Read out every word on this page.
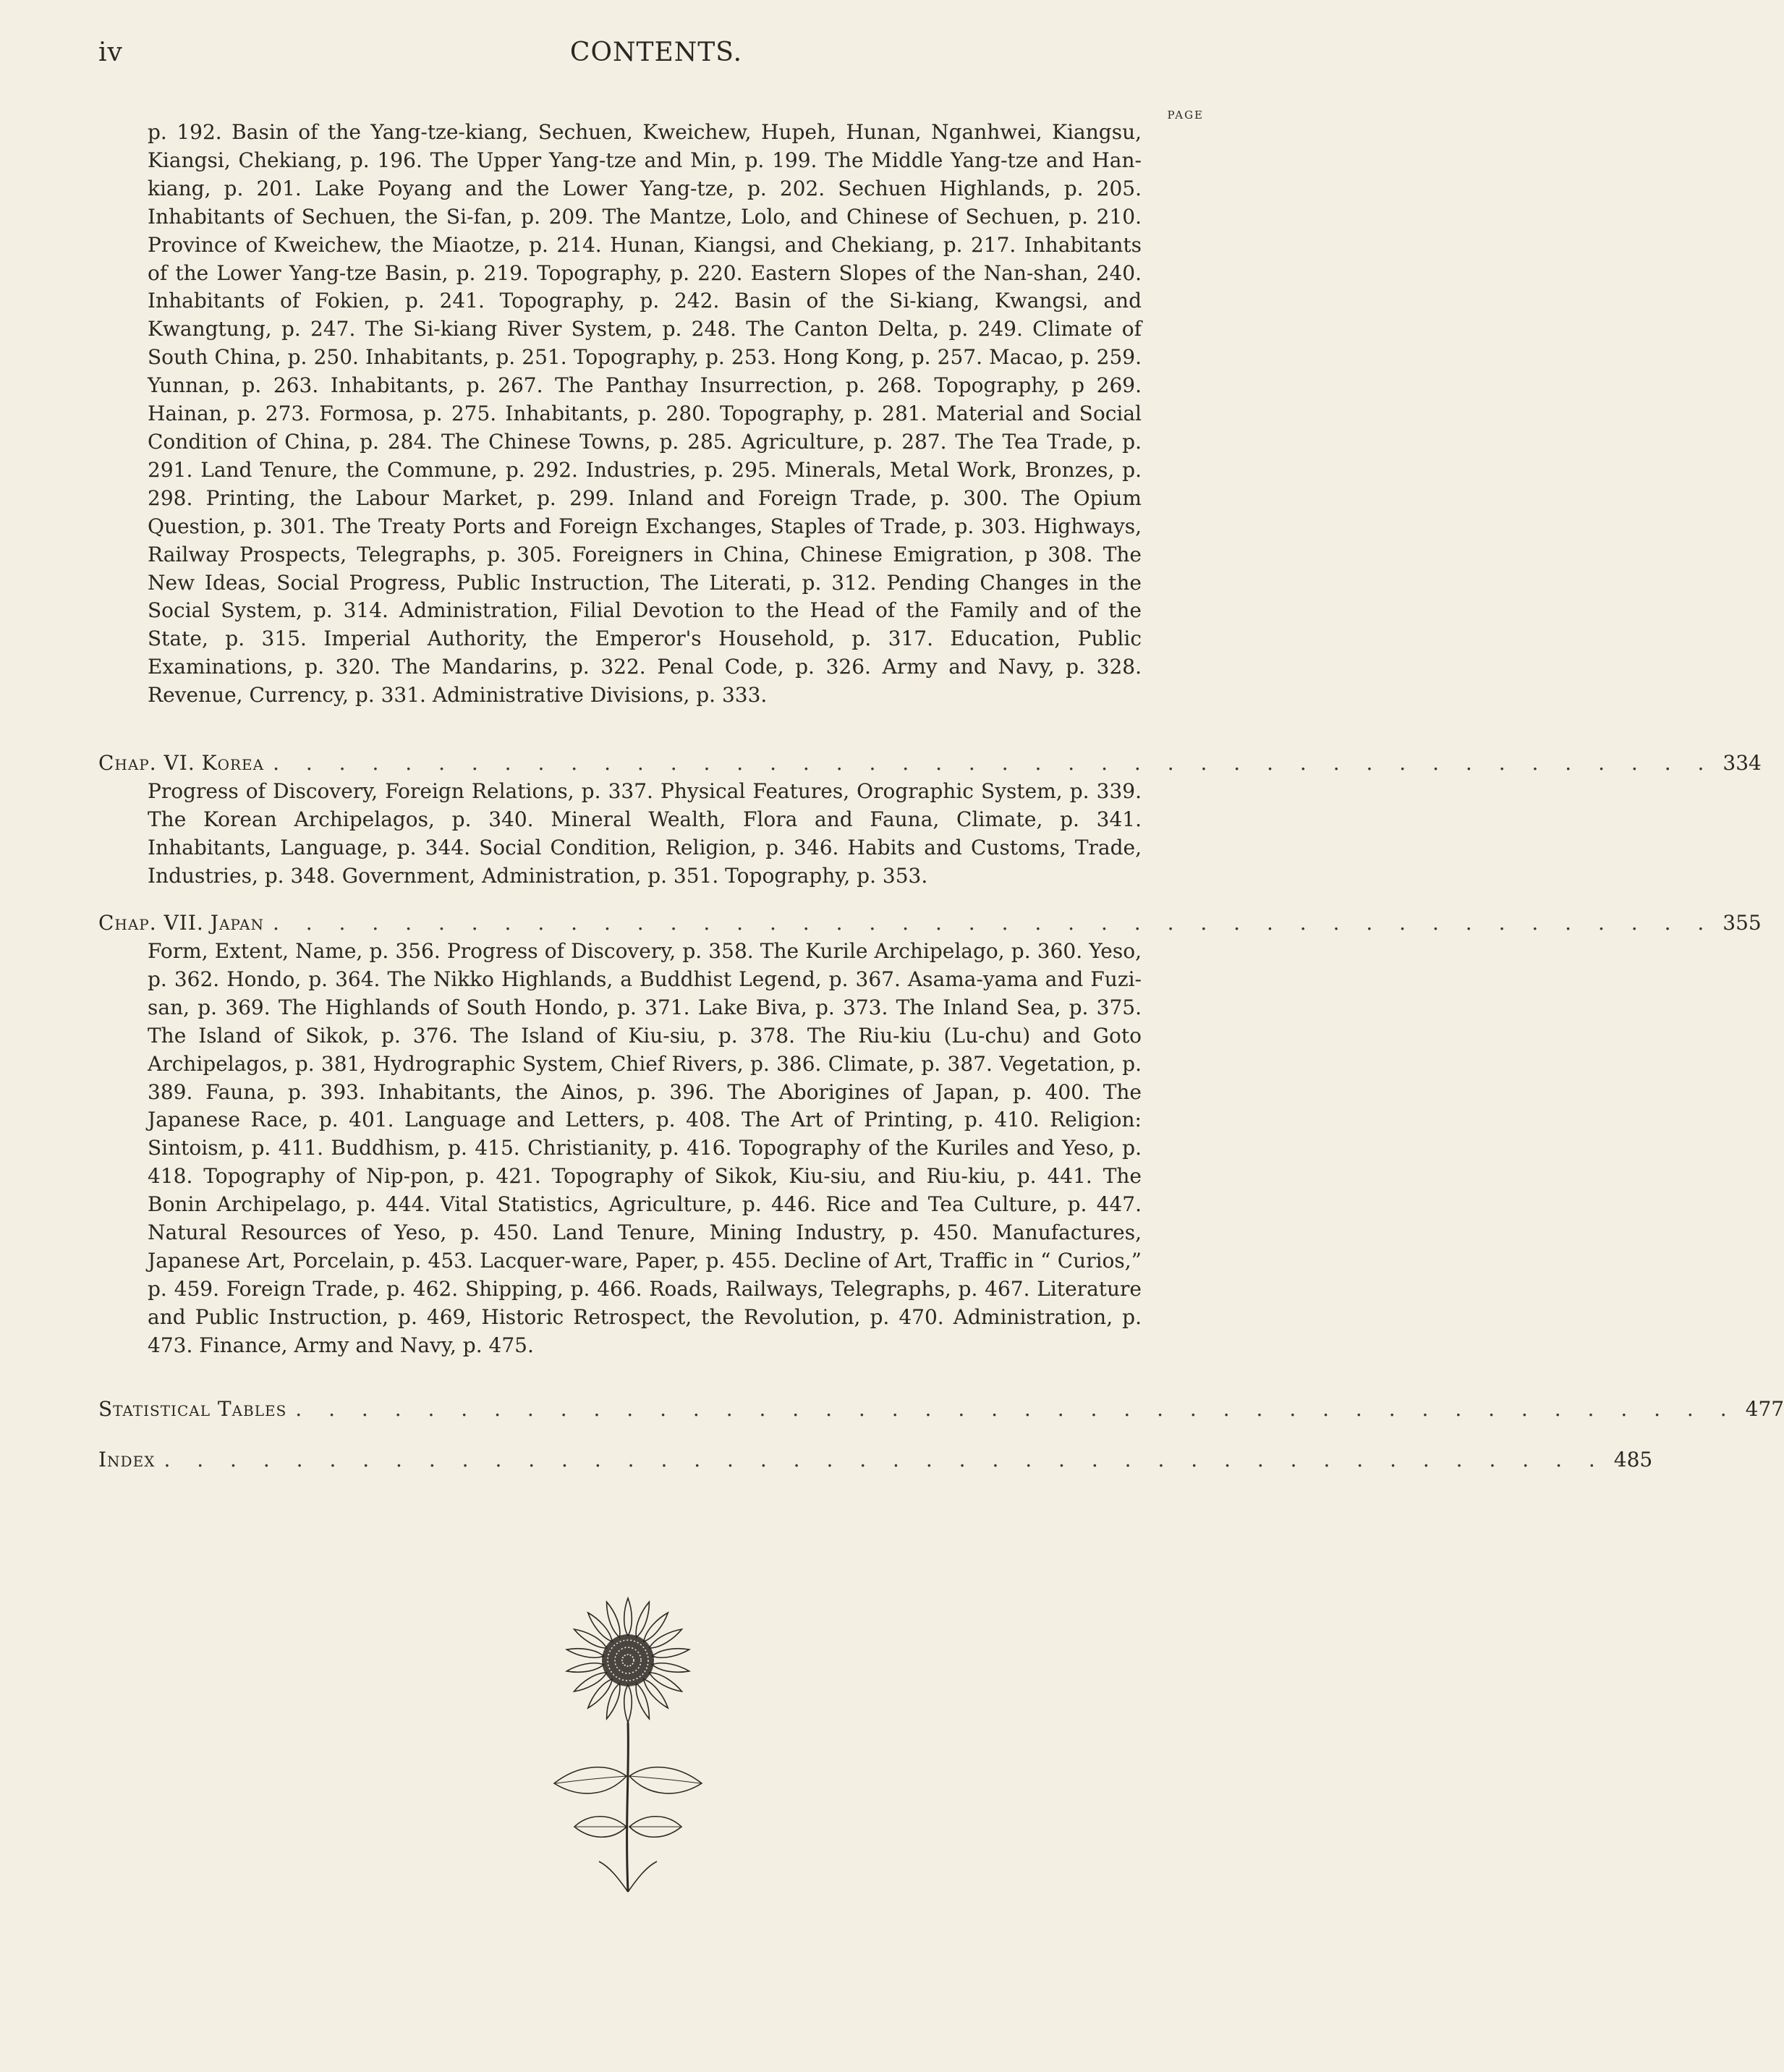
iv	CONTENTS.
PAGE
p. 192. Basin of the Yang-tze-kiang, Sechuen, Kweichew, Hupeh, Hunan, Nganhwei, Kiangsu, Kiangsi, Chekiang, p. 196. The Upper Yang-tze and Min, p. 199. The Middle Yang-tze and Han-kiang, p. 201. Lake Poyang and the Lower Yang-tze, p. 202. Sechuen Highlands, p. 205. Inhabitants of Sechuen, the Si-fan, p. 209. The Mantze, Lolo, and Chinese of Sechuen, p. 210. Province of Kweichew, the Miaotze, p. 214. Hunan, Kiangsi, and Chekiang, p. 217. Inhabitants of the Lower Yang-tze Basin, p. 219. Topography, p. 220. Eastern Slopes of the Nan-shan, 240. Inhabitants of Fokien, p. 241. Topography, p. 242. Basin of the Si-kiang, Kwangsi, and Kwangtung, p. 247. The Si-kiang River System, p. 248. The Canton Delta, p. 249. Climate of South China, p. 250. Inhabitants, p. 251. Topography, p. 253. Hong Kong, p. 257. Macao, p. 259. Yunnan, p. 263. Inhabitants, p. 267. The Panthay Insurrection, p. 268. Topography, p 269. Hainan, p. 273. Formosa, p. 275. Inhabitants, p. 280. Topography, p. 281. Material and Social Condition of China, p. 284. The Chinese Towns, p. 285. Agriculture, p. 287. The Tea Trade, p. 291. Land Tenure, the Commune, p. 292. Industries, p. 295. Minerals, Metal Work, Bronzes, p. 298. Printing, the Labour Market, p. 299. Inland and Foreign Trade, p. 300. The Opium Question, p. 301. The Treaty Ports and Foreign Exchanges, Staples of Trade, p. 303. Highways, Railway Prospects, Telegraphs, p. 305. Foreigners in China, Chinese Emigration, p 308. The New Ideas, Social Progress, Public Instruction, The Literati, p. 312. Pending Changes in the Social System, p. 314. Administration, Filial Devotion to the Head of the Family and of the State, p. 315. Imperial Authority, the Emperor's Household, p. 317. Education, Public Examinations, p. 320. The Mandarins, p. 322. Penal Code, p. 326. Army and Navy, p. 328. Revenue, Currency, p. 331. Administrative Divisions, p. 333.
Chap. VI. Korea . . . . . . . . . . . . . . . . . . . . . . . . . . . . . . . . . . . . . . . . . . . . 334
Progress of Discovery, Foreign Relations, p. 337. Physical Features, Orographic System, p. 339. The Korean Archipelagos, p. 340. Mineral Wealth, Flora and Fauna, Climate, p. 341. Inhabitants, Language, p. 344. Social Condition, Religion, p. 346. Habits and Customs, Trade, Industries, p. 348. Government, Administration, p. 351. Topography, p. 353.
Chap. VII. Japan . . . . . . . . . . . . . . . . . . . . . . . . . . . . . . . . . . . . . . . . . . . . 355
Form, Extent, Name, p. 356. Progress of Discovery, p. 358. The Kurile Archipelago, p. 360. Yeso, p. 362. Hondo, p. 364. The Nikko Highlands, a Buddhist Legend, p. 367. Asama-yama and Fuzi-san, p. 369. The Highlands of South Hondo, p. 371. Lake Biva, p. 373. The Inland Sea, p. 375. The Island of Sikok, p. 376. The Island of Kiu-siu, p. 378. The Riu-kiu (Lu-chu) and Goto Archipelagos, p. 381, Hydrographic System, Chief Rivers, p. 386. Climate, p. 387. Vegetation, p. 389. Fauna, p. 393. Inhabitants, the Ainos, p. 396. The Aborigines of Japan, p. 400. The Japanese Race, p. 401. Language and Letters, p. 408. The Art of Printing, p. 410. Religion: Sintoism, p. 411. Buddhism, p. 415. Christianity, p. 416. Topography of the Kuriles and Yeso, p. 418. Topography of Nip-pon, p. 421. Topography of Sikok, Kiu-siu, and Riu-kiu, p. 441. The Bonin Archipelago, p. 444. Vital Statistics, Agriculture, p. 446. Rice and Tea Culture, p. 447. Natural Resources of Yeso, p. 450. Land Tenure, Mining Industry, p. 450. Manufactures, Japanese Art, Porcelain, p. 453. Lacquer-ware, Paper, p. 455. Decline of Art, Traffic in “ Curios,” p. 459. Foreign Trade, p. 462. Shipping, p. 466. Roads, Railways, Telegraphs, p. 467. Literature and Public Instruction, p. 469, Historic Retrospect, the Revolution, p. 470. Administration, p. 473. Finance, Army and Navy, p. 475.
Statistical Tables . . . . . . . . . . . . . . . . . . . . . . . . . . . . . . . . . . . . . . . . . . . . 477
Index . . . . . . . . . . . . . . . . . . . . . . . . . . . . . . . . . . . . . . . . . . . . 485
